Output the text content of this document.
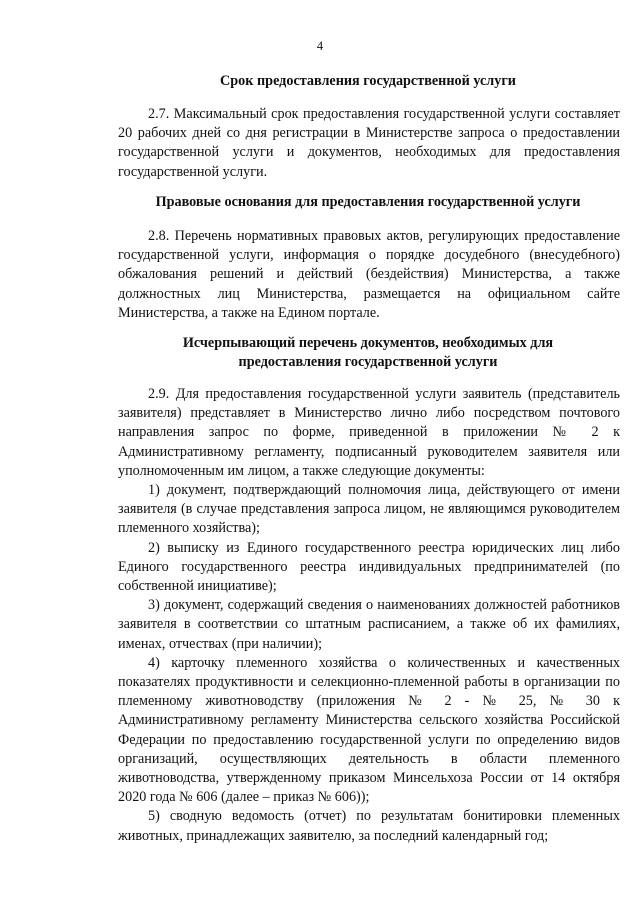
4
Срок предоставления государственной услуги

2.7. Максимальный срок предоставления государственной услуги составляет 20 рабочих дней со дня регистрации в Министерстве запроса о предоставлении государственной услуги и документов, необходимых для предоставления государственной услуги.

Правовые основания для предоставления государственной услуги

2.8. Перечень нормативных правовых актов, регулирующих предоставление государственной услуги, информация о порядке досудебного (внесудебного) обжалования решений и действий (бездействия) Министерства, а также должностных лиц Министерства, размещается на официальном сайте Министерства, а также на Едином портале.

Исчерпывающий перечень документов, необходимых для
предоставления государственной услуги

2.9. Для предоставления государственной услуги заявитель (представитель заявителя) представляет в Министерство лично либо посредством почтового направления запрос по форме, приведенной в приложении № 2 к Административному регламенту, подписанный руководителем заявителя или уполномоченным им лицом, а также следующие документы:

1) документ, подтверждающий полномочия лица, действующего от имени заявителя (в случае представления запроса лицом, не являющимся руководителем племенного хозяйства);

2) выписку из Единого государственного реестра юридических лиц либо Единого государственного реестра индивидуальных предпринимателей (по собственной инициативе);

3) документ, содержащий сведения о наименованиях должностей работников заявителя в соответствии со штатным расписанием, а также об их фамилиях, именах, отчествах (при наличии);

4) карточку племенного хозяйства о количественных и качественных показателях продуктивности и селекционно-племенной работы в организации по племенному животноводству (приложения № 2 - № 25, № 30 к Административному регламенту Министерства сельского хозяйства Российской Федерации по предоставлению государственной услуги по определению видов организаций, осуществляющих деятельность в области племенного животноводства, утвержденному приказом Минсельхоза России от 14 октября 2020 года № 606 (далее – приказ № 606));

5) сводную ведомость (отчет) по результатам бонитировки племенных животных, принадлежащих заявителю, за последний календарный год;
